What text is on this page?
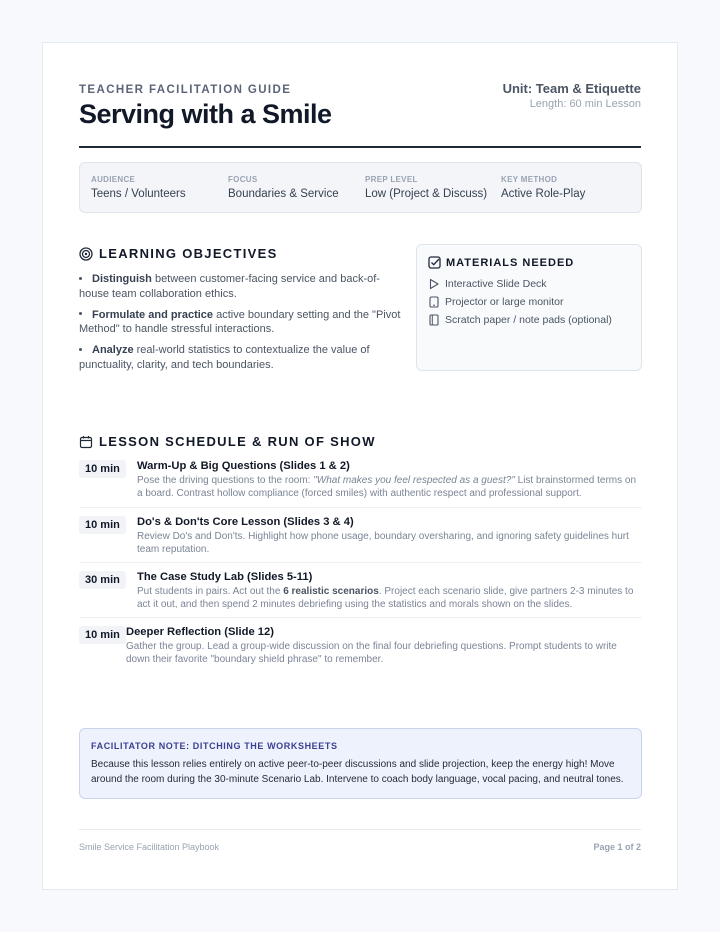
TEACHER FACILITATION GUIDE
Serving with a Smile
Unit: Team & Etiquette
Length: 60 min Lesson
AUDIENCE
Teens / Volunteers
FOCUS
Boundaries & Service
PREP LEVEL
Low (Project & Discuss)
KEY METHOD
Active Role-Play
LEARNING OBJECTIVES
Distinguish between customer-facing service and back-of-house team collaboration ethics.
Formulate and practice active boundary setting and the "Pivot Method" to handle stressful interactions.
Analyze real-world statistics to contextualize the value of punctuality, clarity, and tech boundaries.
MATERIALS NEEDED
Interactive Slide Deck
Projector or large monitor
Scratch paper / note pads (optional)
LESSON SCHEDULE & RUN OF SHOW
10 min	Warm-Up & Big Questions (Slides 1 & 2)
Pose the driving questions to the room: "What makes you feel respected as a guest?" List brainstormed terms on a board. Contrast hollow compliance (forced smiles) with authentic respect and professional support.
10 min	Do's & Don'ts Core Lesson (Slides 3 & 4)
Review Do's and Don'ts. Highlight how phone usage, boundary oversharing, and ignoring safety guidelines hurt team reputation.
30 min	The Case Study Lab (Slides 5-11)
Put students in pairs. Act out the 6 realistic scenarios. Project each scenario slide, give partners 2-3 minutes to act it out, and then spend 2 minutes debriefing using the statistics and morals shown on the slides.
10 min Deeper Reflection (Slide 12)
Gather the group. Lead a group-wide discussion on the final four debriefing questions. Prompt students to write down their favorite "boundary shield phrase" to remember.
FACILITATOR NOTE: DITCHING THE WORKSHEETS
Because this lesson relies entirely on active peer-to-peer discussions and slide projection, keep the energy high! Move around the room during the 30-minute Scenario Lab. Intervene to coach body language, vocal pacing, and neutral tones.
Smile Service Facilitation Playbook	Page 1 of 2
